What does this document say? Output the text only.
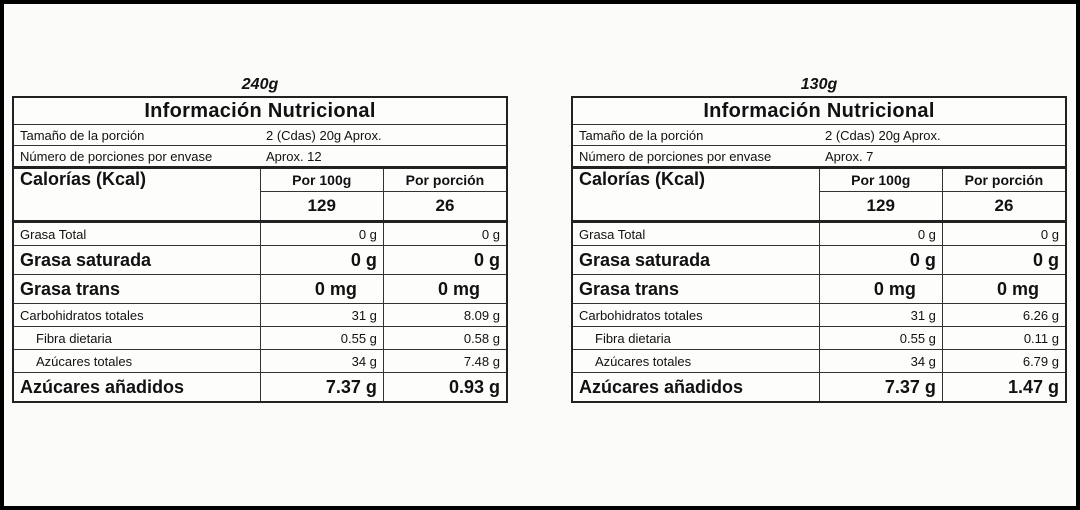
240g
Información Nutricional		
Tamaño de la porción 2 (Cdas) 20g Aprox.		
Número de porciones por envase Aprox. 12		
Calorías (Kcal)	Por 100g	Por porción
	129	26
Grasa Total	0 g	0 g
Grasa saturada	0 g	0 g
Grasa trans	0 mg	0 mg
Carbohidratos totales	31 g	8.09 g
Fibra dietaria	0.55 g	0.58 g
Azúcares totales	34 g	7.48 g
Azúcares añadidos	7.37 g	0.93 g
130g
Información Nutricional		
Tamaño de la porción 2 (Cdas) 20g Aprox.		
Número de porciones por envase Aprox. 7		
Calorías (Kcal)	Por 100g	Por porción
	129	26
Grasa Total	0 g	0 g
Grasa saturada	0 g	0 g
Grasa trans	0 mg	0 mg
Carbohidratos totales	31 g	6.26 g
Fibra dietaria	0.55 g	0.11 g
Azúcares totales	34 g	6.79 g
Azúcares añadidos	7.37 g	1.47 g
